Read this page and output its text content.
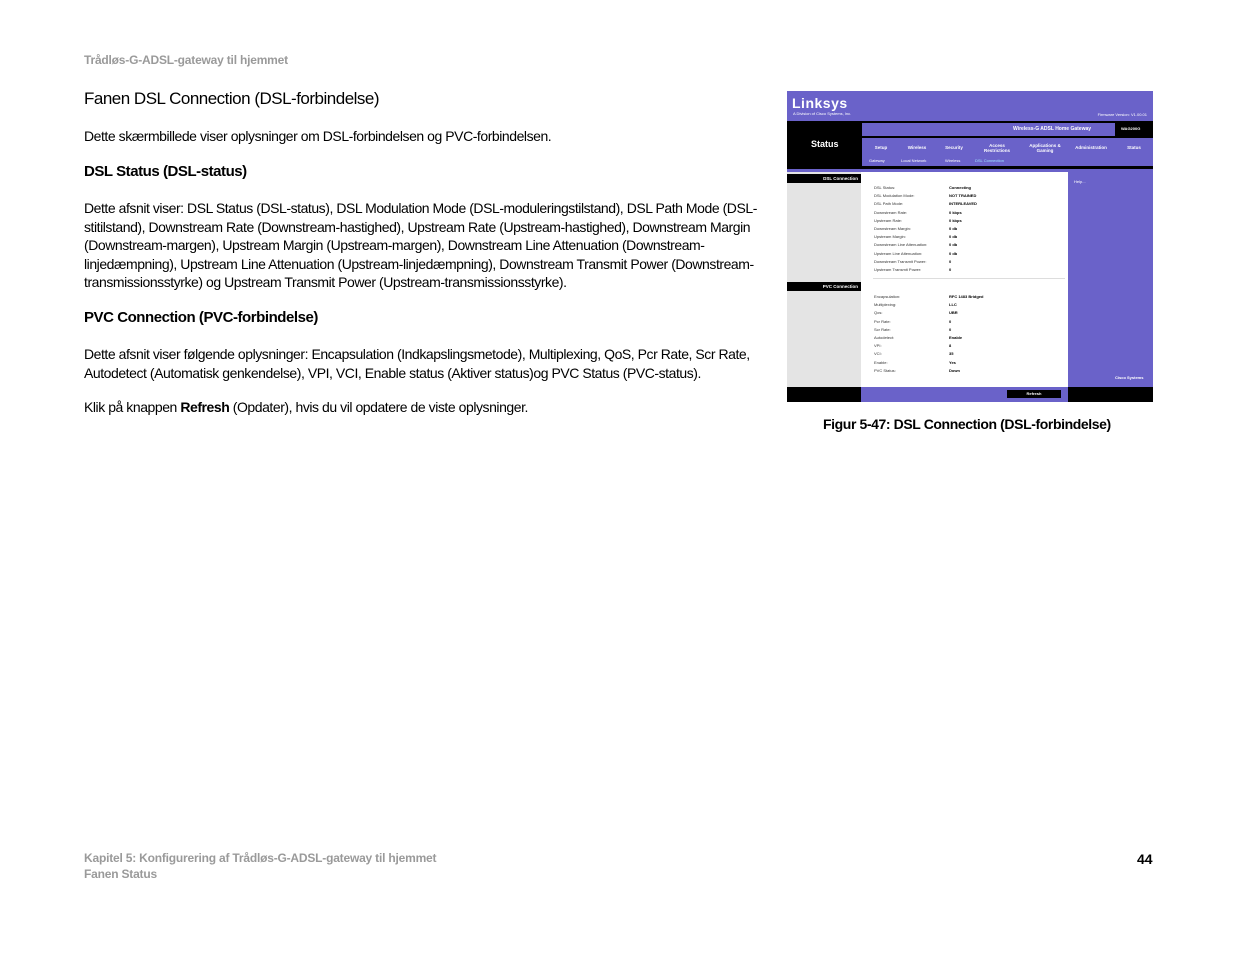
Trådløs-G-ADSL-gateway til hjemmet
Fanen DSL Connection (DSL-forbindelse)

Dette skærmbillede viser oplysninger om DSL-forbindelsen og PVC-forbindelsen.

DSL Status (DSL-status)

Dette afsnit viser: DSL Status (DSL-status), DSL Modulation Mode (DSL-moduleringstilstand), DSL Path Mode (DSL-stitilstand), Downstream Rate (Downstream-hastighed), Upstream Rate (Upstream-hastighed), Downstream Margin (Downstream-margen), Upstream Margin (Upstream-margen), Downstream Line Attenuation (Downstream-linjedæmpning), Upstream Line Attenuation (Upstream-linjedæmpning), Downstream Transmit Power (Downstream-transmissionsstyrke) og Upstream Transmit Power (Upstream-transmissionsstyrke).

PVC Connection (PVC-forbindelse)

Dette afsnit viser følgende oplysninger: Encapsulation (Indkapslingsmetode), Multiplexing, QoS, Pcr Rate, Scr Rate, Autodetect (Automatisk genkendelse), VPI, VCI, Enable status (Aktiver status)og PVC Status (PVC-status).

Klik på knappen Refresh (Opdater), hvis du vil opdatere de viste oplysninger.

Linksys
A Division of Cisco Systems, Inc.	Firmware Version: V1.00.01
Status
Wireless-G ADSL Home Gateway	WAG200G
Setup	Wireless	Security	Access Restrictions
Applications & Gaming
Administration	Status
Gateway	Local Network	Wireless	DSL Connection
DSL Connection
PVC Connection
Help...
Refresh
Cisco Systems
DSL Status:	Connecting
DSL Modulation Mode:	NOT TRAINED
DSL Path Mode:	INTERLEAVED
Downstream Rate:	0 kbps
Upstream Rate:	0 kbps
Downstream Margin:	0 db
Upstream Margin:	0 db
Downstream Line Attenuation:	0 db
Upstream Line Attenuation:	0 db
Downstream Transmit Power:	0
Upstream Transmit Power:	0
Encapsulation:	RFC 1483 Bridged
Multiplexing:	LLC
Qos:	UBR
Pcr Rate:	0
Scr Rate:	0
Autodetect:	Enable
VPI:	8
VCI:	35
Enable:	Yes
PVC Status:	Down
Figur 5-47: DSL Connection (DSL-forbindelse)
Kapitel 5: Konfigurering af Trådløs-G-ADSL-gateway til hjemmet
Fanen Status
44
